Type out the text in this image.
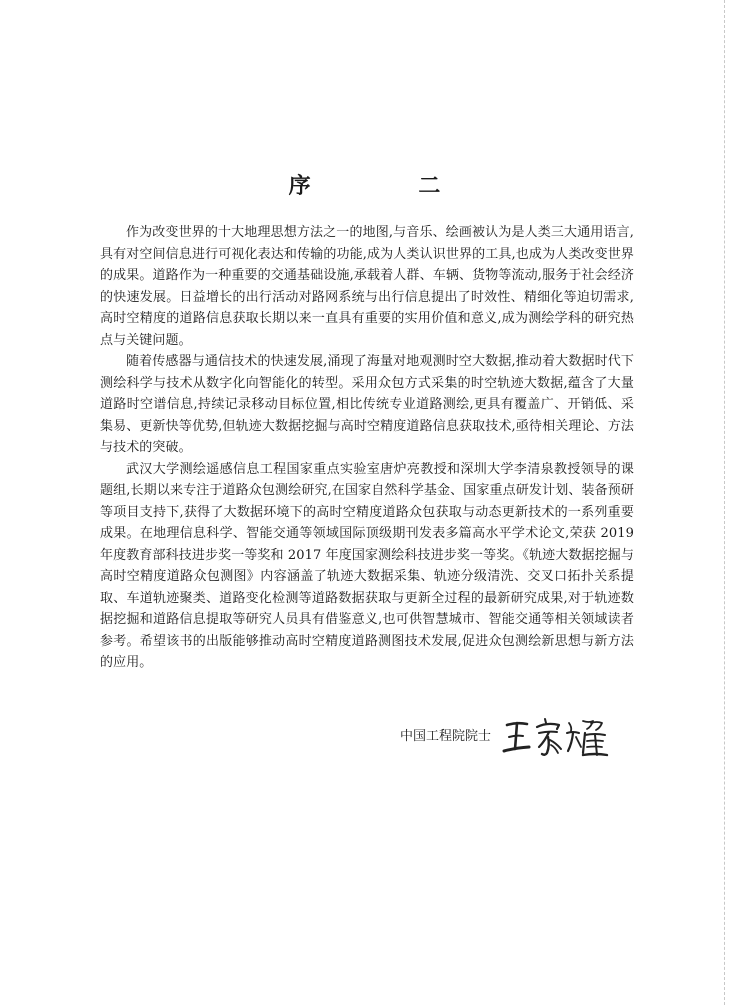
序 二

作为改变世界的十大地理思想方法之一的地图,与音乐、绘画被认为是人类三大通用语言,具有对空间信息进行可视化表达和传输的功能,成为人类认识世界的工具,也成为人类改变世界的成果。道路作为一种重要的交通基础设施,承载着人群、车辆、货物等流动,服务于社会经济的快速发展。日益增长的出行活动对路网系统与出行信息提出了时效性、精细化等迫切需求,高时空精度的道路信息获取长期以来一直具有重要的实用价值和意义,成为测绘学科的研究热点与关键问题。

随着传感器与通信技术的快速发展,涌现了海量对地观测时空大数据,推动着大数据时代下测绘科学与技术从数字化向智能化的转型。采用众包方式采集的时空轨迹大数据,蕴含了大量道路时空谱信息,持续记录移动目标位置,相比传统专业道路测绘,更具有覆盖广、开销低、采集易、更新快等优势,但轨迹大数据挖掘与高时空精度道路信息获取技术,亟待相关理论、方法与技术的突破。

武汉大学测绘遥感信息工程国家重点实验室唐炉亮教授和深圳大学李清泉教授领导的课题组,长期以来专注于道路众包测绘研究,在国家自然科学基金、国家重点研发计划、装备预研等项目支持下,获得了大数据环境下的高时空精度道路众包获取与动态更新技术的一系列重要成果。在地理信息科学、智能交通等领域国际顶级期刊发表多篇高水平学术论文,荣获 2019 年度教育部科技进步奖一等奖和 2017 年度国家测绘科技进步奖一等奖。《轨迹大数据挖掘与高时空精度道路众包测图》内容涵盖了轨迹大数据采集、轨迹分级清洗、交叉口拓扑关系提取、车道轨迹聚类、道路变化检测等道路数据获取与更新全过程的最新研究成果,对于轨迹数据挖掘和道路信息提取等研究人员具有借鉴意义,也可供智慧城市、智能交通等相关领域读者参考。希望该书的出版能够推动高时空精度道路测图技术发展,促进众包测绘新思想与新方法的应用。

中国工程院院士
